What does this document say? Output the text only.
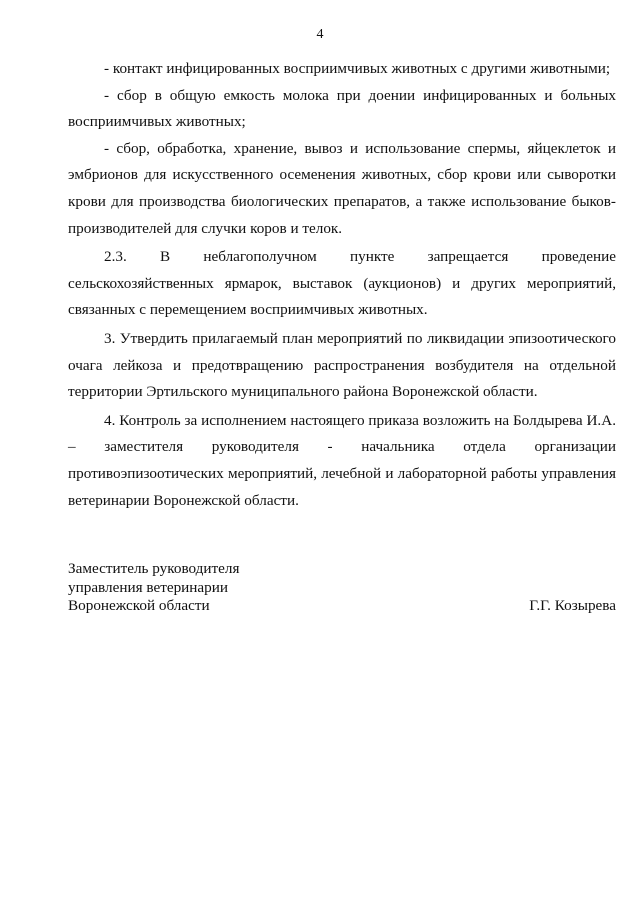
4

- контакт инфицированных восприимчивых животных с другими животными;

- сбор в общую емкость молока при доении инфицированных и больных восприимчивых животных;

- сбор, обработка, хранение, вывоз и использование спермы, яйцеклеток и эмбрионов для искусственного осеменения животных, сбор крови или сыворотки крови для производства биологических препаратов, а также использование быков-производителей для случки коров и телок.

2.3. В неблагополучном пункте запрещается проведение сельскохозяйственных ярмарок, выставок (аукционов) и других мероприятий, связанных с перемещением восприимчивых животных.

3. Утвердить прилагаемый план мероприятий по ликвидации эпизоотического очага лейкоза и предотвращению распространения возбудителя на отдельной территории Эртильского муниципального района Воронежской области.

4. Контроль за исполнением настоящего приказа возложить на Болдырева И.А. – заместителя руководителя - начальника отдела организации противоэпизоотических мероприятий, лечебной и лабораторной работы управления ветеринарии Воронежской области.

Заместитель руководителя

управления ветеринарии

Воронежской области	Г.Г. Козырева
